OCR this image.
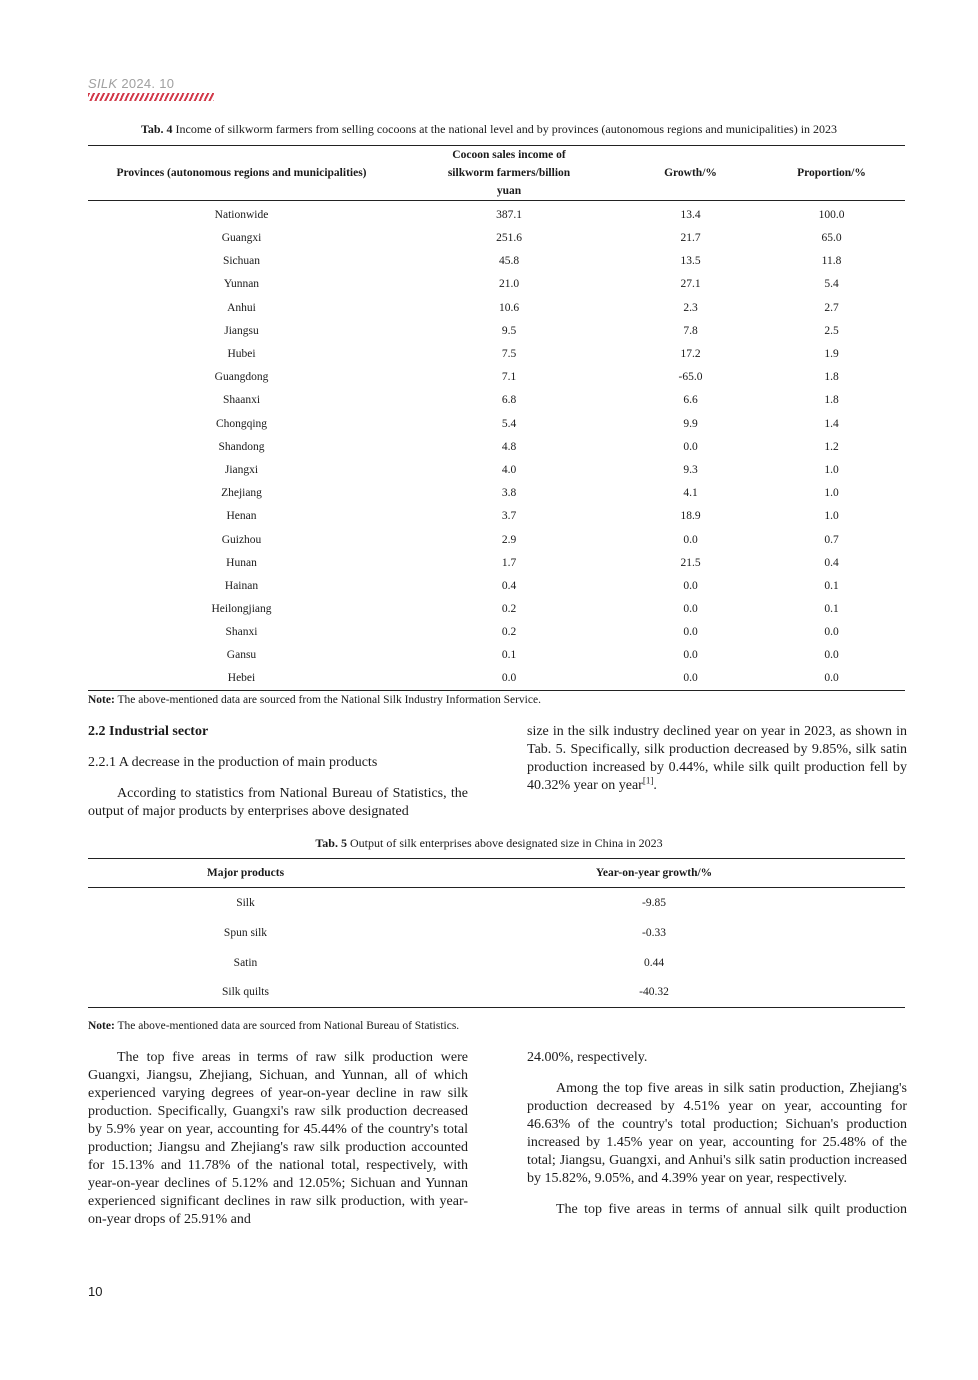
SILK 2024. 10
Tab. 4 Income of silkworm farmers from selling cocoons at the national level and by provinces (autonomous regions and municipalities) in 2023
Provinces (autonomous regions and municipalities)	Cocoon sales income of silkworm farmers/billion yuan	Growth/%	Proportion/%
Nationwide	387.1	13.4	100.0
Guangxi	251.6	21.7	65.0
Sichuan	45.8	13.5	11.8
Yunnan	21.0	27.1	5.4
Anhui	10.6	2.3	2.7
Jiangsu	9.5	7.8	2.5
Hubei	7.5	17.2	1.9
Guangdong	7.1	-65.0	1.8
Shaanxi	6.8	6.6	1.8
Chongqing	5.4	9.9	1.4
Shandong	4.8	0.0	1.2
Jiangxi	4.0	9.3	1.0
Zhejiang	3.8	4.1	1.0
Henan	3.7	18.9	1.0
Guizhou	2.9	0.0	0.7
Hunan	1.7	21.5	0.4
Hainan	0.4	0.0	0.1
Heilongjiang	0.2	0.0	0.1
Shanxi	0.2	0.0	0.0
Gansu	0.1	0.0	0.0
Hebei	0.0	0.0	0.0
Note: The above-mentioned data are sourced from the National Silk Industry Information Service.
2.2 Industrial sector
2.2.1 A decrease in the production of main products

According to statistics from National Bureau of Statistics, the output of major products by enterprises above designated

size in the silk industry declined year on year in 2023, as shown in Tab. 5. Specifically, silk production decreased by 9.85%, silk satin production increased by 0.44%, while silk quilt production fell by 40.32% year on year[1].

Tab. 5 Output of silk enterprises above designated size in China in 2023
Major products	Year-on-year growth/%
Silk	-9.85
Spun silk	-0.33
Satin	0.44
Silk quilts	-40.32
Note: The above-mentioned data are sourced from National Bureau of Statistics.

The top five areas in terms of raw silk production were Guangxi, Jiangsu, Zhejiang, Sichuan, and Yunnan, all of which experienced varying degrees of year-on-year decline in raw silk production. Specifically, Guangxi's raw silk production decreased by 5.9% year on year, accounting for 45.44% of the country's total production; Jiangsu and Zhejiang's raw silk production accounted for 15.13% and 11.78% of the national total, respectively, with year-on-year declines of 5.12% and 12.05%; Sichuan and Yunnan experienced significant declines in raw silk production, with year-on-year drops of 25.91% and

24.00%, respectively.

Among the top five areas in silk satin production, Zhejiang's production decreased by 4.51% year on year, accounting for 46.63% of the country's total production; Sichuan's production increased by 1.45% year on year, accounting for 25.48% of the total; Jiangsu, Guangxi, and Anhui's silk satin production increased by 15.82%, 9.05%, and 4.39% year on year, respectively.

The top five areas in terms of annual silk quilt production

10
